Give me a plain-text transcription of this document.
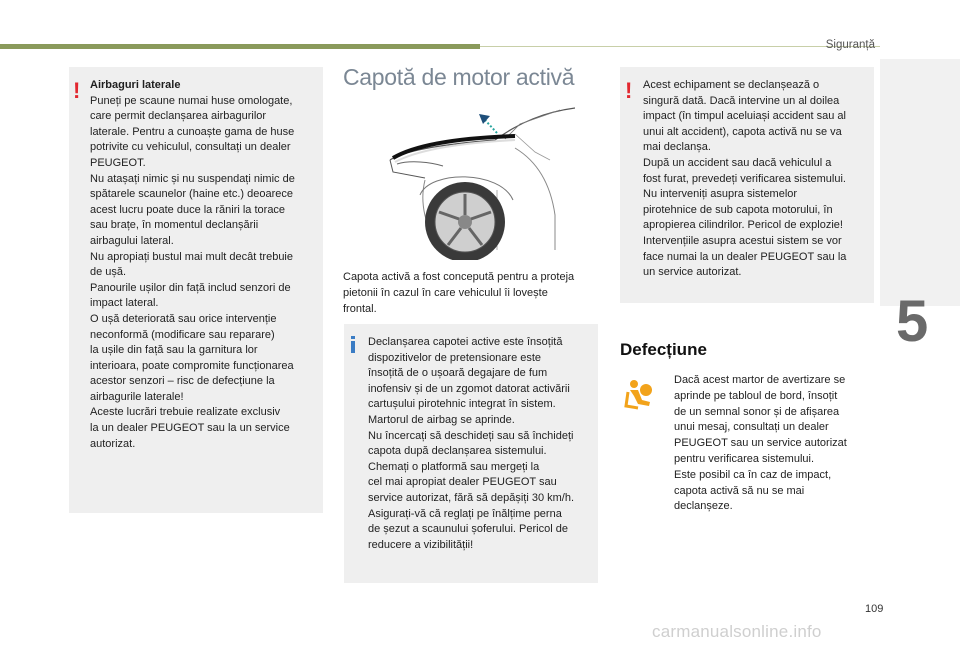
Siguranță
5
! Airbaguri laterale
Puneți pe scaune numai huse omologate,
care permit declanșarea airbagurilor
laterale. Pentru a cunoaște gama de huse
potrivite cu vehiculul, consultați un dealer
PEUGEOT.
Nu atașați nimic și nu suspendați nimic de
spătarele scaunelor (haine etc.) deoarece
acest lucru poate duce la răniri la torace
sau brațe, în momentul declanșării
airbagului lateral.
Nu apropiați bustul mai mult decât trebuie
de ușă.
Panourile ușilor din față includ senzori de
impact lateral.
O ușă deteriorată sau orice intervenție
neconformă (modificare sau reparare)
la ușile din față sau la garnitura lor
interioara, poate compromite funcționarea
acestor senzori – risc de defecțiune la
airbagurile laterale!
Aceste lucrări trebuie realizate exclusiv
la un dealer PEUGEOT sau la un service
autorizat.
Capotă de motor activă
Capota activă a fost concepută pentru a proteja
pietonii în cazul în care vehiculul îi lovește
frontal.
Declanșarea capotei active este însoțită
dispozitivelor de pretensionare este
însoțită de o ușoară degajare de fum
inofensiv și de un zgomot datorat activării
cartușului pirotehnic integrat în sistem.
Martorul de airbag se aprinde.
Nu încercați să deschideți sau să închideți
capota după declanșarea sistemului.
Chemați o platformă sau mergeți la
cel mai apropiat dealer PEUGEOT sau
service autorizat, fără să depășiți 30 km/h.
Asigurați-vă că reglați pe înălțime perna
de șezut a scaunului șoferului. Pericol de
reducere a vizibilității!
! Acest echipament se declanșează o
singură dată. Dacă intervine un al doilea
impact (în timpul aceluiași accident sau al
unui alt accident), capota activă nu se va
mai declanșa.
După un accident sau dacă vehiculul a
fost furat, prevedeți verificarea sistemului.
Nu interveniți asupra sistemelor
pirotehnice de sub capota motorului, în
apropierea cilindrilor. Pericol de explozie!
Intervențiile asupra acestui sistem se vor
face numai la un dealer PEUGEOT sau la
un service autorizat.
Defecțiune
Dacă acest martor de avertizare se
aprinde pe tabloul de bord, însoțit
de un semnal sonor și de afișarea
unui mesaj, consultați un dealer
PEUGEOT sau un service autorizat
pentru verificarea sistemului.
Este posibil ca în caz de impact,
capota activă să nu se mai
declanșeze.
109
carmanualsonline.info
